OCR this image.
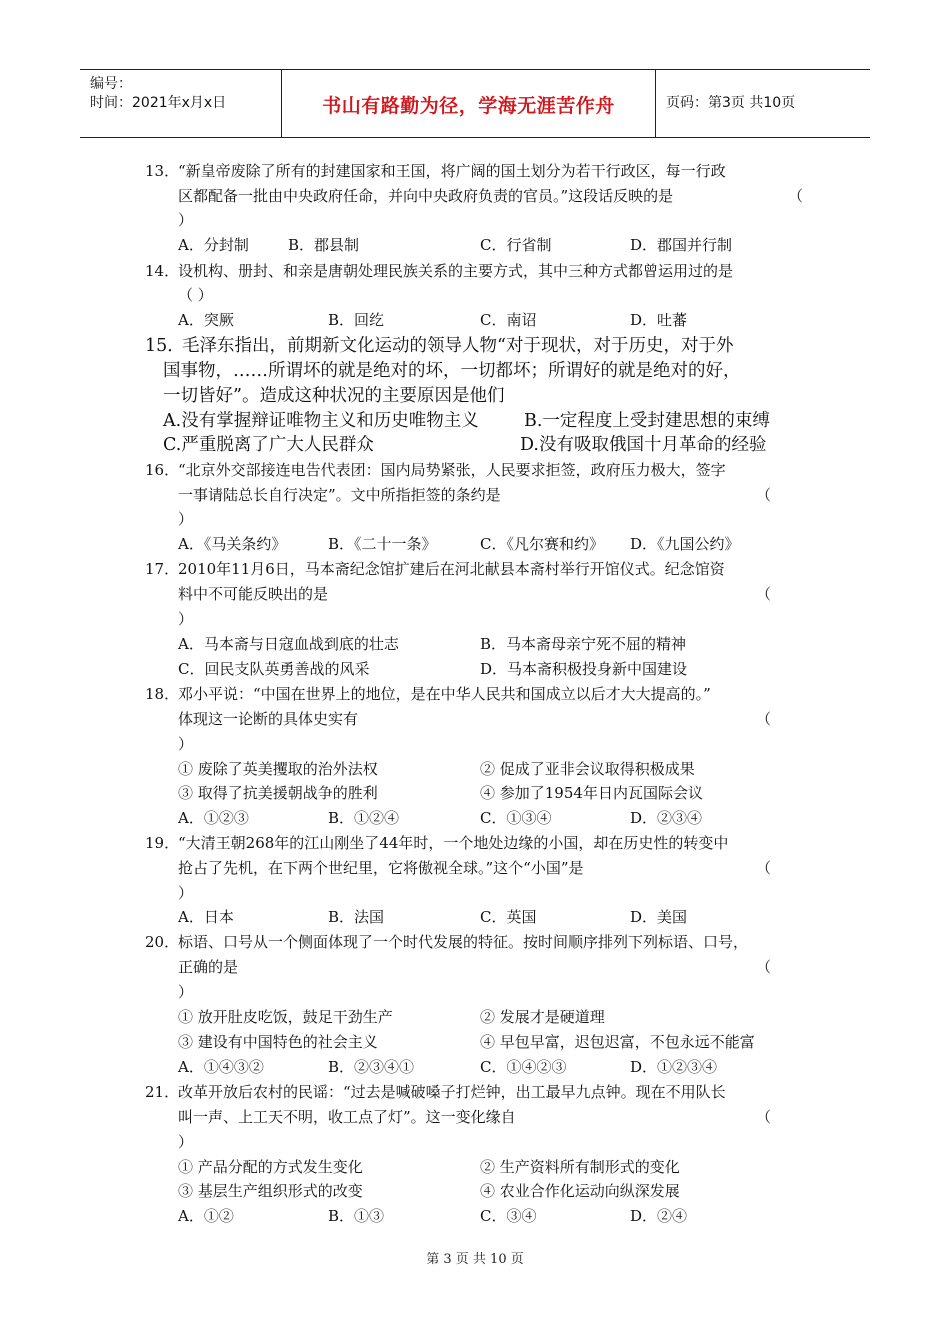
编号：
时间：2021年x月x日	书山有路勤为径，学海无涯苦作舟	页码：第3页 共10页
13．
“新皇帝废除了所有的封建国家和王国，将广阔的国土划分为若干行政区，每一行政
区都配备一批由中央政府任命，并向中央政府负责的官员。”这段话反映的是	（
）
A．分封制	B．郡县制	C．行省制	D．郡国并行制
14．
设机构、册封、和亲是唐朝处理民族关系的主要方式，其中三种方式都曾运用过的是
（ ）
A．突厥	B．回纥	C．南诏	D．吐蕃
15．
毛泽东指出，前期新文化运动的领导人物“对于现状，对于历史，对于外
国事物，……所谓坏的就是绝对的坏，一切都坏；所谓好的就是绝对的好，
一切皆好”。造成这种状况的主要原因是他们
A.没有掌握辩证唯物主义和历史唯物主义	B.一定程度上受封建思想的束缚
C.严重脱离了广大人民群众	D.没有吸取俄国十月革命的经验
16．
“北京外交部接连电告代表团：国内局势紧张，人民要求拒签，政府压力极大，签字
一事请陆总长自行决定”。文中所指拒签的条约是	（
）
A．《马关条约》	B．《二十一条》	C．《凡尔赛和约》 D．《九国公约》
17．
2010年11月6日，马本斋纪念馆扩建后在河北献县本斋村举行开馆仪式。纪念馆资
料中不可能反映出的是	（
）
A．马本斋与日寇血战到底的壮志	B．马本斋母亲宁死不屈的精神
C．回民支队英勇善战的风采	D．马本斋积极投身新中国建设
18．
邓小平说：“中国在世界上的地位，是在中华人民共和国成立以后才大大提高的。”
体现这一论断的具体史实有	（
）
① 废除了英美攫取的治外法权	② 促成了亚非会议取得积极成果
③ 取得了抗美援朝战争的胜利	④ 参加了1954年日内瓦国际会议
A．①②③	B．①②④	C．①③④	D．②③④
19．
“大清王朝268年的江山刚坐了44年时，一个地处边缘的小国，却在历史性的转变中
抢占了先机，在下两个世纪里，它将傲视全球。”这个“小国”是	（
）
A．日本	B．法国	C．英国	D．美国
20．
标语、口号从一个侧面体现了一个时代发展的特征。按时间顺序排列下列标语、口号，
正确的是	（
）
① 放开肚皮吃饭，鼓足干劲生产	② 发展才是硬道理
③ 建设有中国特色的社会主义	④ 早包早富，迟包迟富，不包永远不能富
A．①④③②	B．②③④①	C．①④②③	D．①②③④
21．
改革开放后农村的民谣：“过去是喊破嗓子打烂钟，出工最早九点钟。现在不用队长
叫一声、上工天不明，收工点了灯”。这一变化缘自	（
）
① 产品分配的方式发生变化	② 生产资料所有制形式的变化
③ 基层生产组织形式的改变	④ 农业合作化运动向纵深发展
A．①②	B．①③	C．③④	D．②④
第 3 页 共 10 页
